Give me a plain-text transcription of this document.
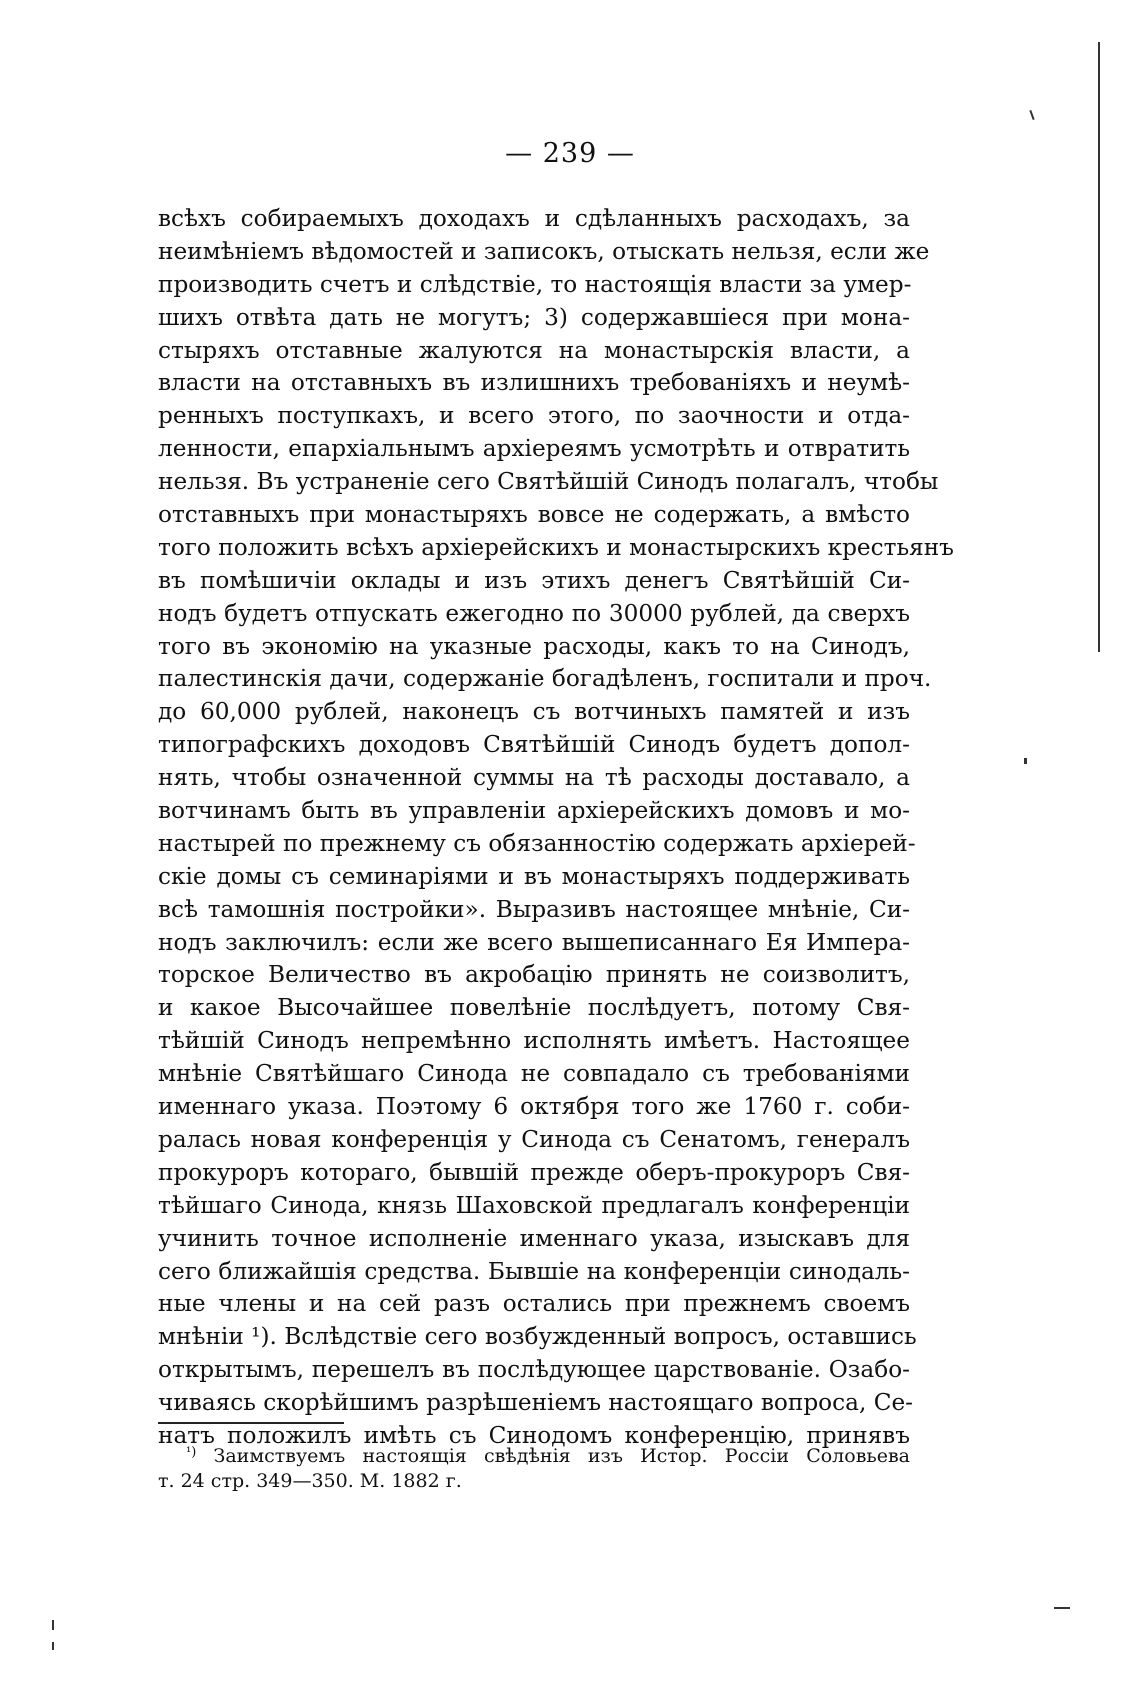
— 239 —
всѣхъ собираемыхъ доходахъ и сдѣланныхъ расходахъ, за
неимѣніемъ вѣдомостей и записокъ, отыскать нельзя, если же
производить счетъ и слѣдствіе, то настоящія власти за умер-
шихъ отвѣта дать не могутъ; 3) содержавшіеся при мона-
стыряхъ отставные жалуются на монастырскія власти, а
власти на отставныхъ въ излишнихъ требованіяхъ и неумѣ-
ренныхъ поступкахъ, и всего этого, по заочности и отда-
ленности, епархіальнымъ архіереямъ усмотрѣть и отвратить
нельзя. Въ устраненіе сего Святѣйшій Синодъ полагалъ, чтобы
отставныхъ при монастыряхъ вовсе не содержать, а вмѣсто
того положить всѣхъ архіерейскихъ и монастырскихъ крестьянъ
въ помѣшичіи оклады и изъ этихъ денегъ Святѣйшій Си-
нодъ будетъ отпускать ежегодно по 30000 рублей, да сверхъ
того въ экономію на указные расходы, какъ то на Синодъ,
палестинскія дачи, содержаніе богадѣленъ, госпитали и проч.
до 60,000 рублей, наконецъ съ вотчиныхъ памятей и изъ
типографскихъ доходовъ Святѣйшій Синодъ будетъ допол-
нять, чтобы означенной суммы на тѣ расходы доставало, а
вотчинамъ быть въ управленіи архіерейскихъ домовъ и мо-
настырей по прежнему съ обязанностію содержать архіерей-
скіе домы съ семинаріями и въ монастыряхъ поддерживать
всѣ тамошнія постройки». Выразивъ настоящее мнѣніе, Си-
нодъ заключилъ: если же всего вышеписаннаго Ея Импера-
торское Величество въ акробацію принять не соизволитъ,
и какое Высочайшее повелѣніе послѣдуетъ, потому Свя-
тѣйшій Синодъ непремѣнно исполнять имѣетъ. Настоящее
мнѣніе Святѣйшаго Синода не совпадало съ требованіями
именнаго указа. Поэтому 6 октября того же 1760 г. соби-
ралась новая конференція у Синода съ Сенатомъ, генералъ
прокуроръ котораго, бывшій прежде оберъ-прокуроръ Свя-
тѣйшаго Синода, князь Шаховской предлагалъ конференціи
учинить точное исполненіе именнаго указа, изыскавъ для
сего ближайшія средства. Бывшіе на конференціи синодаль-
ные члены и на сей разъ остались при прежнемъ своемъ
мнѣніи ¹). Вслѣдствіе сего возбужденный вопросъ, оставшись
открытымъ, перешелъ въ послѣдующее царствованіе. Озабо-
чиваясь скорѣйшимъ разрѣшеніемъ настоящаго вопроса, Се-
натъ положилъ имѣть съ Синодомъ конференцію, принявъ
$^{^1)}$ Заимствуемъ настоящія свѣдѣнія изъ Истор. Россіи Соловьева
т. 24 стр. 349—350. М. 1882 г.
